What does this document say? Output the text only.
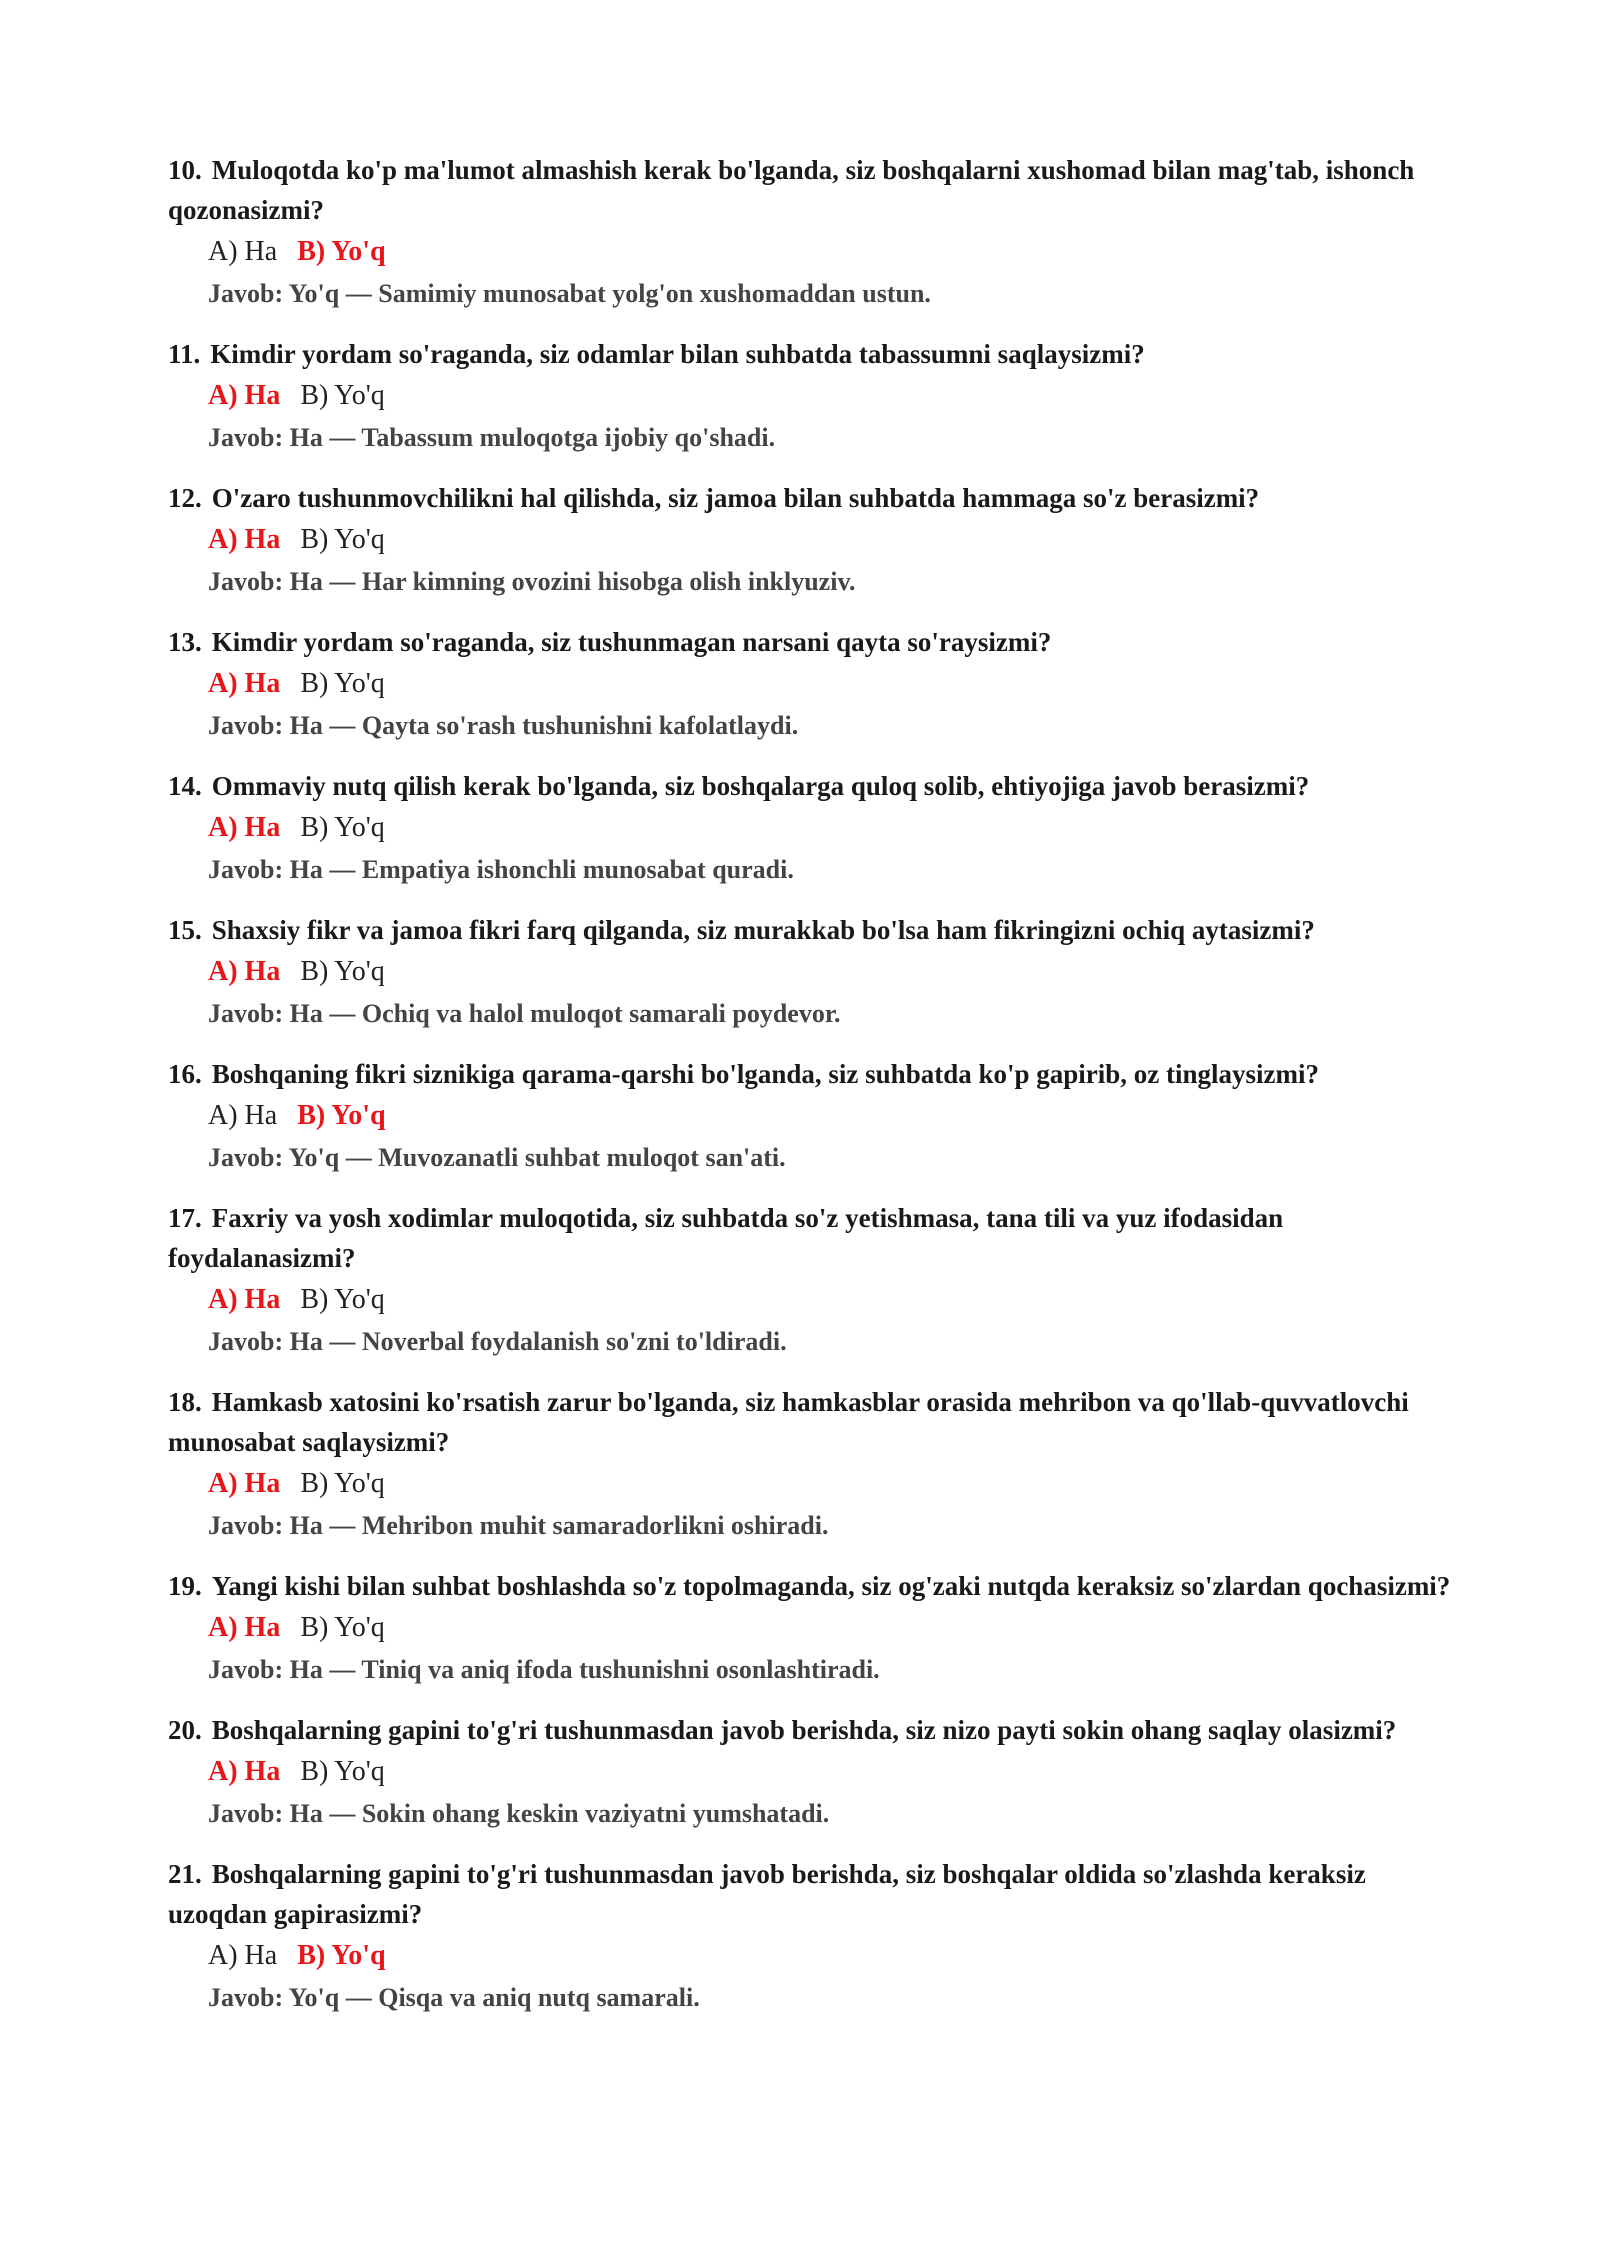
10. Muloqotda ko'p ma'lumot almashish kerak bo'lganda, siz boshqalarni xushomad bilan mag'tab, ishonch qozonasizmi?
A) Ha B) Yo'q
Javob: Yo'q — Samimiy munosabat yolg'on xushomaddan ustun.
11. Kimdir yordam so'raganda, siz odamlar bilan suhbatda tabassumni saqlaysizmi?
A) Ha B) Yo'q
Javob: Ha — Tabassum muloqotga ijobiy qo'shadi.
12. O'zaro tushunmovchilikni hal qilishda, siz jamoa bilan suhbatda hammaga so'z berasizmi?
A) Ha B) Yo'q
Javob: Ha — Har kimning ovozini hisobga olish inklyuziv.
13. Kimdir yordam so'raganda, siz tushunmagan narsani qayta so'raysizmi?
A) Ha B) Yo'q
Javob: Ha — Qayta so'rash tushunishni kafolatlaydi.
14. Ommaviy nutq qilish kerak bo'lganda, siz boshqalarga quloq solib, ehtiyojiga javob berasizmi?
A) Ha B) Yo'q
Javob: Ha — Empatiya ishonchli munosabat quradi.
15. Shaxsiy fikr va jamoa fikri farq qilganda, siz murakkab bo'lsa ham fikringizni ochiq aytasizmi?
A) Ha B) Yo'q
Javob: Ha — Ochiq va halol muloqot samarali poydevor.
16. Boshqaning fikri siznikiga qarama-qarshi bo'lganda, siz suhbatda ko'p gapirib, oz tinglaysizmi?
A) Ha B) Yo'q
Javob: Yo'q — Muvozanatli suhbat muloqot san'ati.
17. Faxriy va yosh xodimlar muloqotida, siz suhbatda so'z yetishmasa, tana tili va yuz ifodasidan foydalanasizmi?
A) Ha B) Yo'q
Javob: Ha — Noverbal foydalanish so'zni to'ldiradi.
18. Hamkasb xatosini ko'rsatish zarur bo'lganda, siz hamkasblar orasida mehribon va qo'llab-quvvatlovchi munosabat saqlaysizmi?
A) Ha B) Yo'q
Javob: Ha — Mehribon muhit samaradorlikni oshiradi.
19. Yangi kishi bilan suhbat boshlashda so'z topolmaganda, siz og'zaki nutqda keraksiz so'zlardan qochasizmi?
A) Ha B) Yo'q
Javob: Ha — Tiniq va aniq ifoda tushunishni osonlashtiradi.
20. Boshqalarning gapini to'g'ri tushunmasdan javob berishda, siz nizo payti sokin ohang saqlay olasizmi?
A) Ha B) Yo'q
Javob: Ha — Sokin ohang keskin vaziyatni yumshatadi.
21. Boshqalarning gapini to'g'ri tushunmasdan javob berishda, siz boshqalar oldida so'zlashda keraksiz uzoqdan gapirasizmi?
A) Ha B) Yo'q
Javob: Yo'q — Qisqa va aniq nutq samarali.
